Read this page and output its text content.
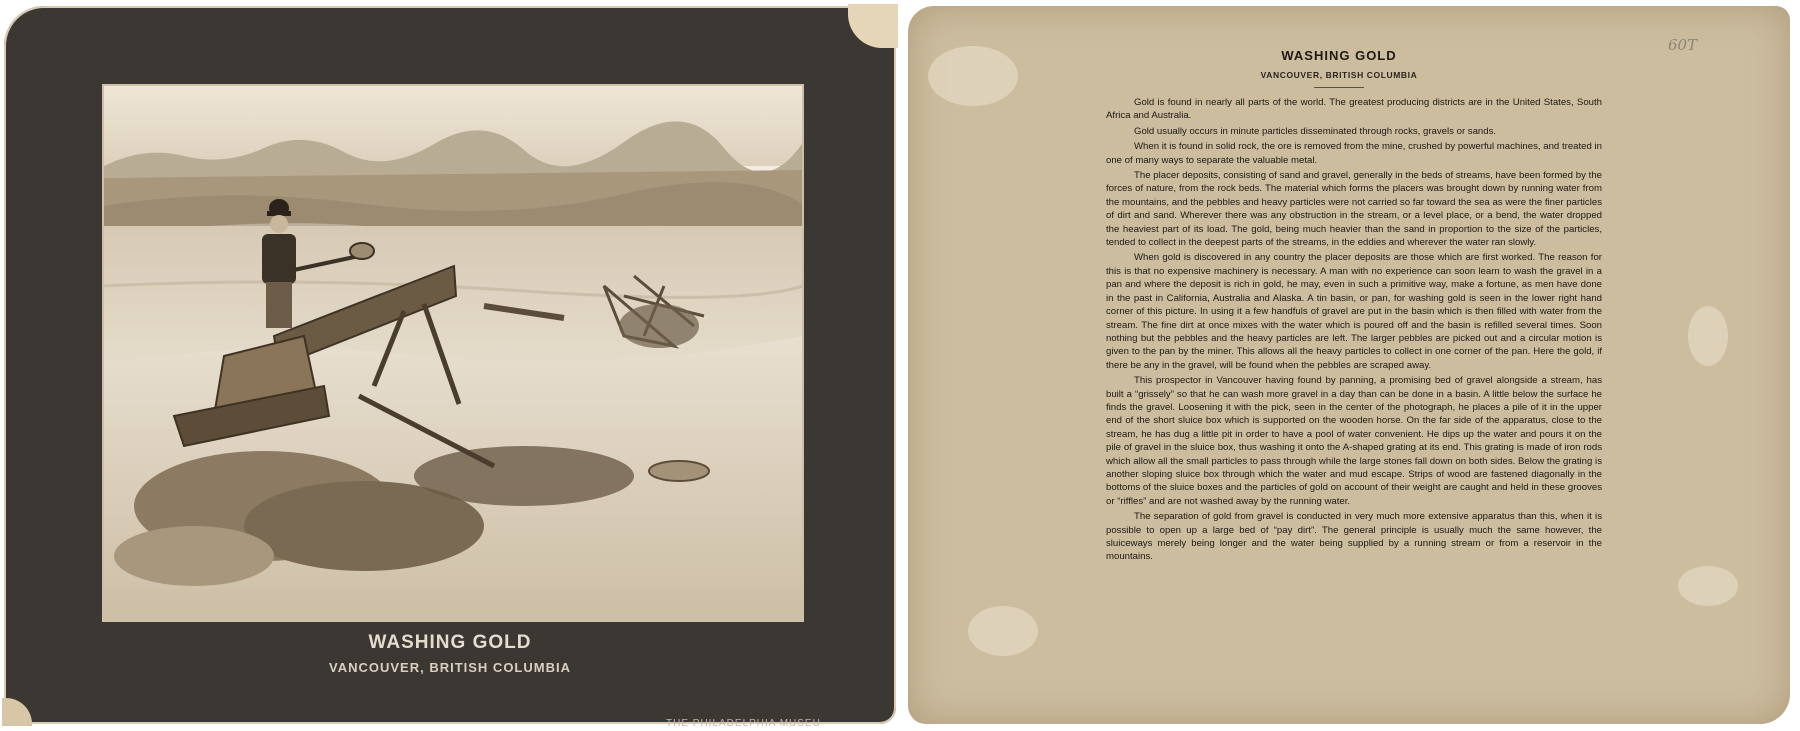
WASHING GOLD
VANCOUVER, BRITISH COLUMBIA
THE PHILADELPHIA MUSEU
60T
WASHING GOLD
VANCOUVER, BRITISH COLUMBIA

Gold is found in nearly all parts of the world. The greatest producing districts are in the United States, South Africa and Australia.

Gold usually occurs in minute particles disseminated through rocks, gravels or sands.

When it is found in solid rock, the ore is removed from the mine, crushed by powerful machines, and treated in one of many ways to separate the valuable metal.

The placer deposits, consisting of sand and gravel, generally in the beds of streams, have been formed by the forces of nature, from the rock beds. The material which forms the placers was brought down by running water from the mountains, and the pebbles and heavy particles were not carried so far toward the sea as were the finer particles of dirt and sand. Wherever there was any obstruction in the stream, or a level place, or a bend, the water dropped the heaviest part of its load. The gold, being much heavier than the sand in proportion to the size of the particles, tended to collect in the deepest parts of the streams, in the eddies and wherever the water ran slowly.

When gold is discovered in any country the placer deposits are those which are first worked. The reason for this is that no expensive machinery is necessary. A man with no experience can soon learn to wash the gravel in a pan and where the deposit is rich in gold, he may, even in such a primitive way, make a fortune, as men have done in the past in California, Australia and Alaska. A tin basin, or pan, for washing gold is seen in the lower right hand corner of this picture. In using it a few handfuls of gravel are put in the basin which is then filled with water from the stream. The fine dirt at once mixes with the water which is poured off and the basin is refilled several times. Soon nothing but the pebbles and the heavy particles are left. The larger pebbles are picked out and a circular motion is given to the pan by the miner. This allows all the heavy particles to collect in one corner of the pan. Here the gold, if there be any in the gravel, will be found when the pebbles are scraped away.

This prospector in Vancouver having found by panning, a promising bed of gravel alongside a stream, has built a “grissely” so that he can wash more gravel in a day than can be done in a basin. A little below the surface he finds the gravel. Loosening it with the pick, seen in the center of the photograph, he places a pile of it in the upper end of the short sluice box which is supported on the wooden horse. On the far side of the apparatus, close to the stream, he has dug a little pit in order to have a pool of water convenient. He dips up the water and pours it on the pile of gravel in the sluice box, thus washing it onto the A-shaped grating at its end. This grating is made of iron rods which allow all the small particles to pass through while the large stones fall down on both sides. Below the grating is another sloping sluice box through which the water and mud escape. Strips of wood are fastened diagonally in the bottoms of the sluice boxes and the particles of gold on account of their weight are caught and held in these grooves or “riffles” and are not washed away by the running water.

The separation of gold from gravel is conducted in very much more extensive apparatus than this, when it is possible to open up a large bed of “pay dirt”. The general principle is usually much the same however, the sluiceways merely being longer and the water being supplied by a running stream or from a reservoir in the mountains.
